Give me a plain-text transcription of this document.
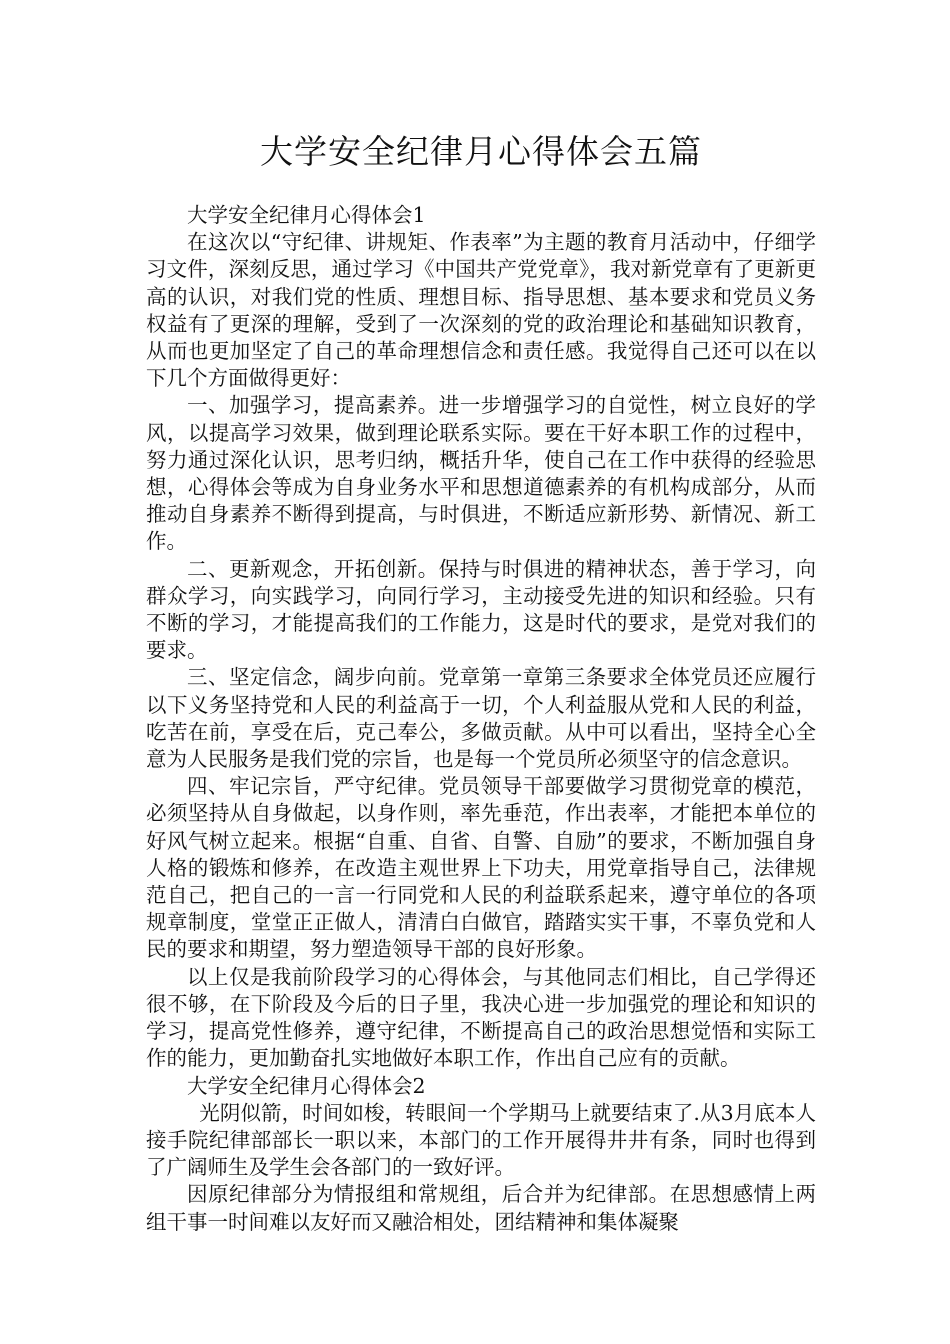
大学安全纪律月心得体会五篇

大学安全纪律月心得体会1

在这次以“守纪律、讲规矩、作表率”为主题的教育月活动中，仔细学习文件，深刻反思，通过学习《中国共产党党章》，我对新党章有了更新更高的认识，对我们党的性质、理想目标、指导思想、基本要求和党员义务权益有了更深的理解，受到了一次深刻的党的政治理论和基础知识教育，从而也更加坚定了自己的革命理想信念和责任感。我觉得自己还可以在以下几个方面做得更好：

一、加强学习，提高素养。进一步增强学习的自觉性，树立良好的学风，以提高学习效果，做到理论联系实际。要在干好本职工作的过程中，努力通过深化认识，思考归纳，概括升华，使自己在工作中获得的经验思想，心得体会等成为自身业务水平和思想道德素养的有机构成部分，从而推动自身素养不断得到提高，与时俱进，不断适应新形势、新情况、新工作。

二、更新观念，开拓创新。保持与时俱进的精神状态，善于学习，向群众学习，向实践学习，向同行学习，主动接受先进的知识和经验。只有不断的学习，才能提高我们的工作能力，这是时代的要求，是党对我们的要求。

三、坚定信念，阔步向前。党章第一章第三条要求全体党员还应履行以下义务坚持党和人民的利益高于一切，个人利益服从党和人民的利益，吃苦在前，享受在后，克己奉公，多做贡献。从中可以看出，坚持全心全意为人民服务是我们党的宗旨，也是每一个党员所必须坚守的信念意识。

四、牢记宗旨，严守纪律。党员领导干部要做学习贯彻党章的模范，必须坚持从自身做起，以身作则，率先垂范，作出表率，才能把本单位的好风气树立起来。根据“自重、自省、自警、自励”的要求，不断加强自身人格的锻炼和修养，在改造主观世界上下功夫，用党章指导自己，法律规范自己，把自己的一言一行同党和人民的利益联系起来，遵守单位的各项规章制度，堂堂正正做人，清清白白做官，踏踏实实干事，不辜负党和人民的要求和期望，努力塑造领导干部的良好形象。

以上仅是我前阶段学习的心得体会，与其他同志们相比，自己学得还很不够，在下阶段及今后的日子里，我决心进一步加强党的理论和知识的学习，提高党性修养，遵守纪律，不断提高自己的政治思想觉悟和实际工作的能力，更加勤奋扎实地做好本职工作，作出自己应有的贡献。

大学安全纪律月心得体会2

光阴似箭，时间如梭，转眼间一个学期马上就要结束了.从3月底本人接手院纪律部部长一职以来，本部门的工作开展得井井有条，同时也得到了广阔师生及学生会各部门的一致好评。

因原纪律部分为情报组和常规组，后合并为纪律部。在思想感情上两组干事一时间难以友好而又融洽相处，团结精神和集体凝聚
